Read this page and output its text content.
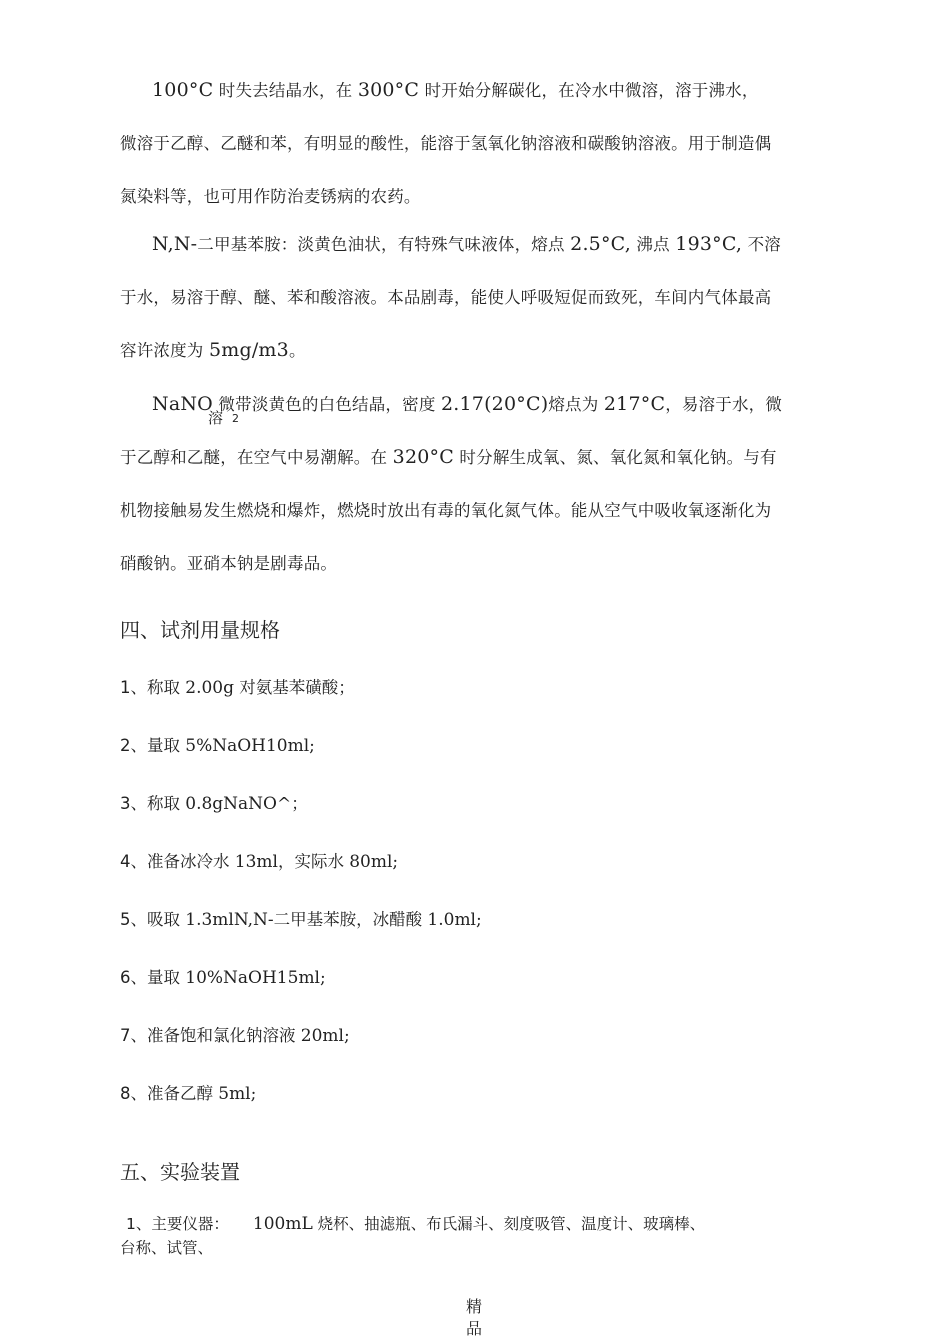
100°C 时失去结晶水，在 300°C 时开始分解碳化，在冷水中微溶，溶于沸水，
微溶于乙醇、乙醚和苯，有明显的酸性，能溶于氢氧化钠溶液和碳酸钠溶液。用于制造偶
氮染料等，也可用作防治麦锈病的农药。
N,N-二甲基苯胺：淡黄色油状，有特殊气味液体，熔点 2.5°C, 沸点 193°C, 不溶
于水，易溶于醇、醚、苯和酸溶液。本品剧毒，能使人呼吸短促而致死，车间内气体最高
容许浓度为 5mg/m3。
NaNO 微带淡黄色的白色结晶，密度 2.17(20°C)熔点为 217°C，易溶于水，微
溶 2
于乙醇和乙醚，在空气中易潮解。在 320°C 时分解生成氧、氮、氧化氮和氧化钠。与有
机物接触易发生燃烧和爆炸，燃烧时放出有毒的氧化氮气体。能从空气中吸收氧逐渐化为
硝酸钠。亚硝本钠是剧毒品。
四、试剂用量规格
1、称取 2.00g 对氨基苯磺酸；
2、量取 5%NaOH10ml;
3、称取 0.8gNaNO^；
4、准备冰冷水 13ml，实际水 80ml;
5、吸取 1.3mlN,N-二甲基苯胺，冰醋酸 1.0ml;
6、量取 10%NaOH15ml;
7、准备饱和氯化钠溶液 20ml;
8、准备乙醇 5ml;
五、实验装置
1、主要仪器： 100mL 烧杯、抽滤瓶、布氏漏斗、刻度吸管、温度计、玻璃棒、
台称、试管、
精
品
